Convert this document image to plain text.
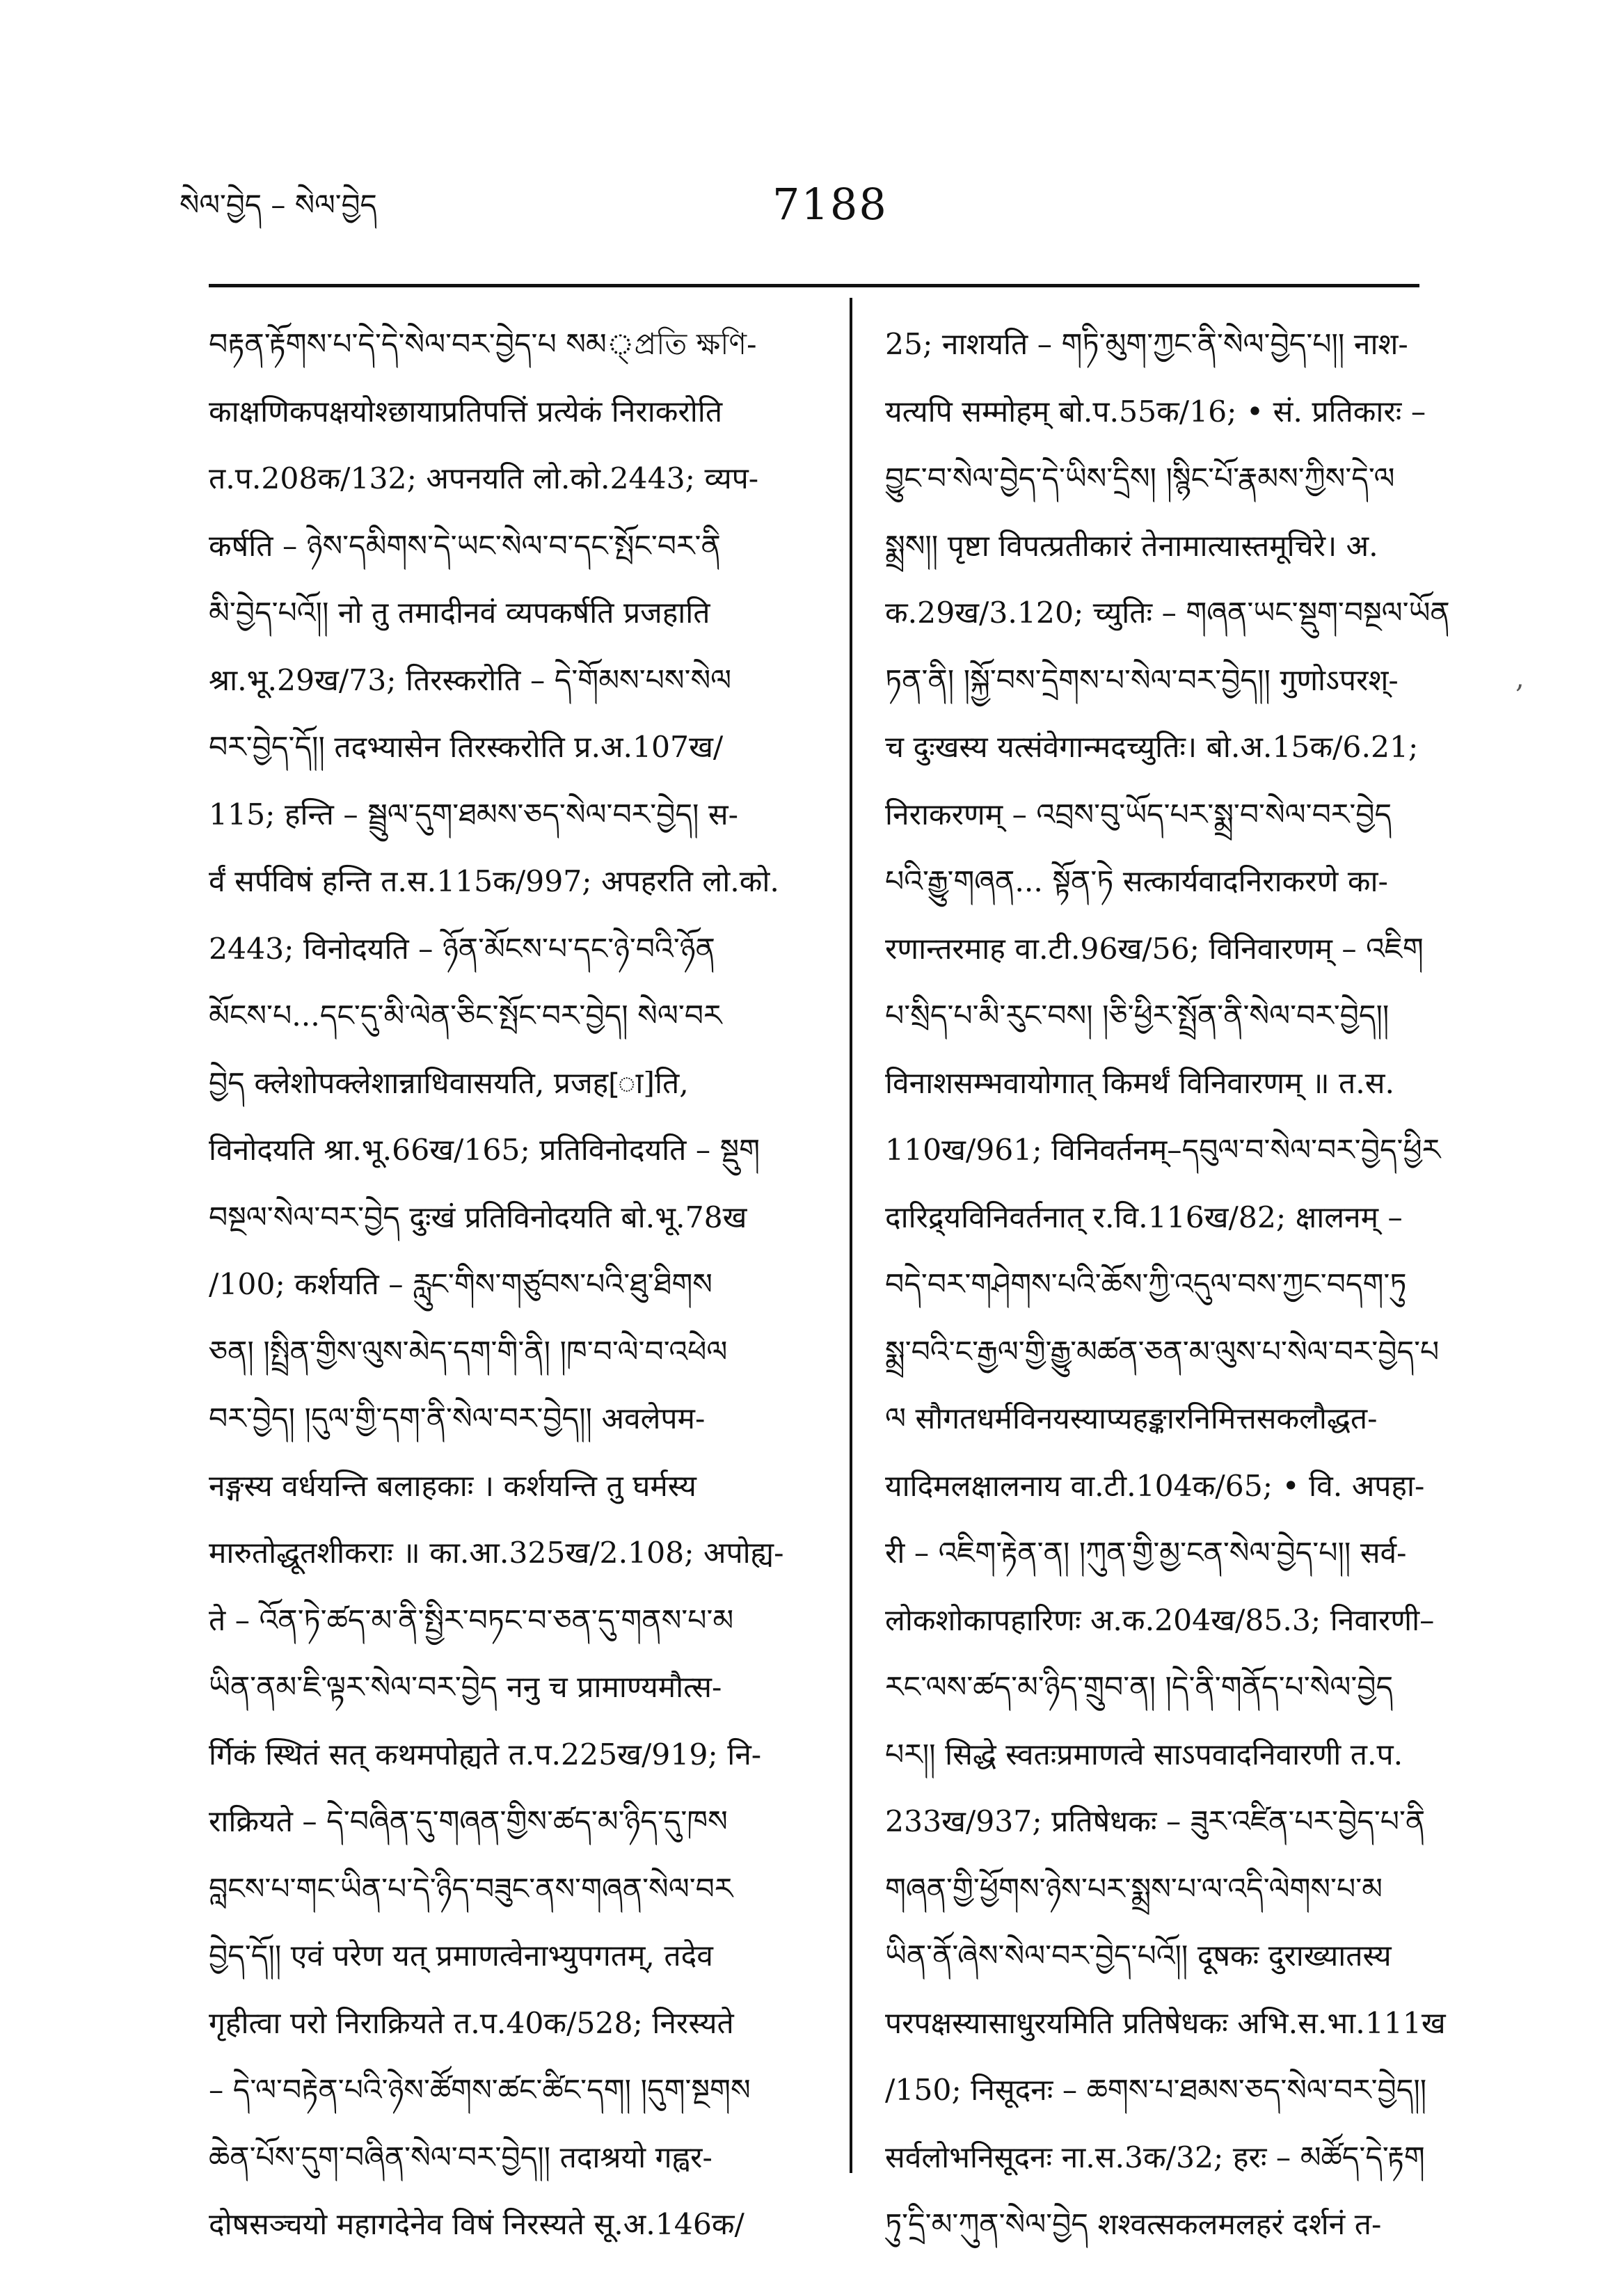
སེལ་བྱེད – སེལ་བྱེད	7188
བརྟན་རྟོགས་པ་དེ་དེ་སེལ་བར་བྱེད་པ སམ্প্রতি ক্ষণি-
काक्षणिकपक्षयोश्छायाप्रतिपत्तिं प्रत्येकं निराकरोति
त.प.208क/132; अपनयति लो.को.2443; व्यप-
कर्षति – ཉེས་དམིགས་དེ་ཡང་སེལ་བ་དང་སྤོང་བར་ནི
མི་བྱེད་པའོ།། नो तु तमादीनवं व्यपकर्षति प्रजहाति
श्रा.भू.29ख/73; तिरस्करोति – དེ་གོམས་པས་སེལ
བར་བྱེད་དོ།། तदभ्यासेन तिरस्करोति प्र.अ.107ख/
115; हन्ति – སྦྲུལ་དུག་ཐམས་ཅད་སེལ་བར་བྱེད། स-
र्वं सर्पविषं हन्ति त.स.115क/997; अपहरति लो.को.
2443; विनोदयति – ཉོན་མོངས་པ་དང་ཉེ་བའི་ཉོན
མོངས་པ...དང་དུ་མི་ལེན་ཅིང་སྤོང་བར་བྱེད། སེལ་བར
བྱེད क्लेशोपक्लेशान्नाधिवासयति, प्रजह[ा]ति,
विनोदयति श्रा.भू.66ख/165; प्रतिविनोदयति – སྡུག
བསྔལ་སེལ་བར་བྱེད दुःखं प्रतिविनोदयति बो.भू.78ख
/100; कर्शयति – རླུང་གིས་གཙུབས་པའི་ཐུ་ཐིགས
ཅན། །སྤྲིན་གྱིས་ལུས་མེད་དག་གི་ནི། །ཁ་བ་ལེ་བ་འཕེལ
བར་བྱེད། །དུལ་གྱི་དག་ནི་སེལ་བར་བྱེད།། अवलेपम-
नङ्गस्य वर्धयन्ति बलाहकाः । कर्शयन्ति तु घर्मस्य
मारुतोद्धूतशीकराः ॥ का.आ.325ख/2.108; अपोह्य-
ते – འོན་ཏེ་ཚད་མ་ནི་སྤྱིར་བཏང་བ་ཅན་དུ་གནས་པ་མ
ཡིན་ནམ་ཇི་ལྟར་སེལ་བར་བྱེད ननु च प्रामाण्यमौत्स-
र्गिकं स्थितं सत् कथमपोह्यते त.प.225ख/919; नि-
राक्रियते – དེ་བཞིན་དུ་གཞན་གྱིས་ཚད་མ་ཉིད་དུ་ཁས
བླངས་པ་གང་ཡིན་པ་དེ་ཉིད་བཟུང་ནས་གཞན་སེལ་བར
བྱེད་དོ།། एवं परेण यत् प्रमाणत्वेनाभ्युपगतम्, तदेव
गृहीत्वा परो निराक्रियते त.प.40क/528; निरस्यते
– དེ་ལ་བརྟེན་པའི་ཉེས་ཚོགས་ཚང་ཚིང་དག། །དུག་སྔགས
ཆེན་པོས་དུག་བཞིན་སེལ་བར་བྱེད།། तदाश्रयो गह्वर-
दोषसञ्चयो महागदेनेव विषं निरस्यते सू.अ.146क/
25; नाशयति – གཏི་མུག་ཀྱང་ནི་སེལ་བྱེད་པ།། नाश-
यत्यपि सम्मोहम् बो.प.55क/16; • सं. प्रतिकारः –
བྱུང་བ་སེལ་བྱེད་དེ་ཡིས་དྲིས། །སྙིང་པོ་རྣམས་ཀྱིས་དེ་ལ
སྨྲས།། पृष्टा विपत्प्रतीकारं तेनामात्यास्तमूचिरे। अ.
क.29ख/3.120; च्युतिः – གཞན་ཡང་སྡུག་བསྔལ་ཡོན
ཏན་ནི། །སྐྱོ་བས་དྲེགས་པ་སེལ་བར་བྱེད།། गुणोऽपरश्-
च दुःखस्य यत्संवेगान्मदच्युतिः। बो.अ.15क/6.21;
निराकरणम् – འབྲས་བུ་ཡོད་པར་སྨྲ་བ་སེལ་བར་བྱེད
པའི་རྒྱུ་གཞན... སྟོན་ཏེ सत्कार्यवादनिराकरणे का-
रणान्तरमाह वा.टी.96ख/56; विनिवारणम् – འཇིག
པ་སྲིད་པ་མི་རུང་བས། །ཅི་ཕྱིར་སྤྲོན་ནི་སེལ་བར་བྱེད།།
विनाशसम्भवायोगात् किमर्थं विनिवारणम् ॥ त.स.
110ख/961; विनिवर्तनम्–དབུལ་བ་སེལ་བར་བྱེད་ཕྱིར
दारिद्र्यविनिवर्तनात् र.वि.116ख/82; क्षालनम् –
བདེ་བར་གཤེགས་པའི་ཆོས་ཀྱི་འདུལ་བས་ཀྱང་བདག་ཏུ
སྨྲ་བའི་ང་རྒྱལ་གྱི་རྒྱུ་མཚན་ཅན་མ་ལུས་པ་སེལ་བར་བྱེད་པ
ལ सौगतधर्मविनयस्याप्यहङ्कारनिमित्तसकलौद्धत-
यादिमलक्षालनाय वा.टी.104क/65; • वि. अपहा-
री – འཇིག་རྟེན་ན། །ཀུན་གྱི་མྱ་ངན་སེལ་བྱེད་པ།། सर्व-
लोकशोकापहारिणः अ.क.204ख/85.3; निवारणी–
རང་ལས་ཚད་མ་ཉིད་གྲུབ་ན། །དེ་ནི་གནོད་པ་སེལ་བྱེད
པར།། सिद्धे स्वतःप्रमाणत्वे साऽपवादनिवारणी त.प.
233ख/937; प्रतिषेधकः – ཟུར་འཛིན་པར་བྱེད་པ་ནི
གཞན་གྱི་ཕྱོགས་ཉེས་པར་སྨྲས་པ་ལ་འདི་ལེགས་པ་མ
ཡིན་ནོ་ཞེས་སེལ་བར་བྱེད་པའོ།། दूषकः दुराख्यातस्य
परपक्षस्यासाधुरयमिति प्रतिषेधकः अभि.स.भा.111ख
/150; निसूदनः – ཆགས་པ་ཐམས་ཅད་སེལ་བར་བྱེད།།
सर्वलोभनिसूदनः ना.स.3क/32; हरः – མཚོད་དེ་རྟག
ཏུ་དྲི་མ་ཀུན་སེལ་བྱེད शश्वत्सकलमलहरं दर्शनं त-
,
